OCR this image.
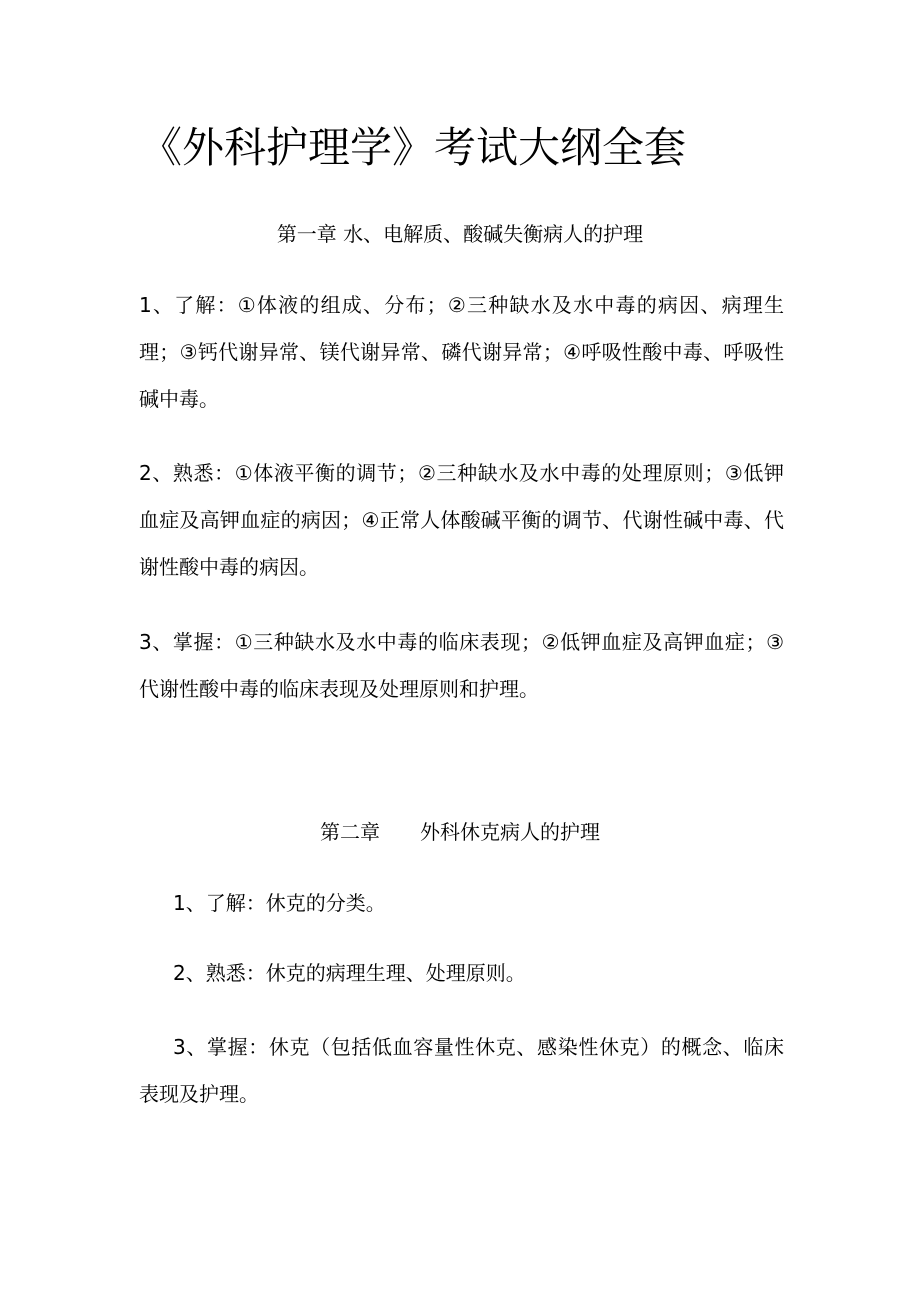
《外科护理学》考试大纲全套
第一章 水、电解质、酸碱失衡病人的护理
1、了解：①体液的组成、分布；②三种缺水及水中毒的病因、病理生理；③钙代谢异常、镁代谢异常、磷代谢异常；④呼吸性酸中毒、呼吸性碱中毒。
2、熟悉：①体液平衡的调节；②三种缺水及水中毒的处理原则；③低钾血症及高钾血症的病因；④正常人体酸碱平衡的调节、代谢性碱中毒、代谢性酸中毒的病因。
3、掌握：①三种缺水及水中毒的临床表现；②低钾血症及高钾血症；③代谢性酸中毒的临床表现及处理原则和护理。
第二章　　外科休克病人的护理
1、了解：休克的分类。
2、熟悉：休克的病理生理、处理原则。
3、掌握：休克（包括低血容量性休克、感染性休克）的概念、临床表现及护理。
